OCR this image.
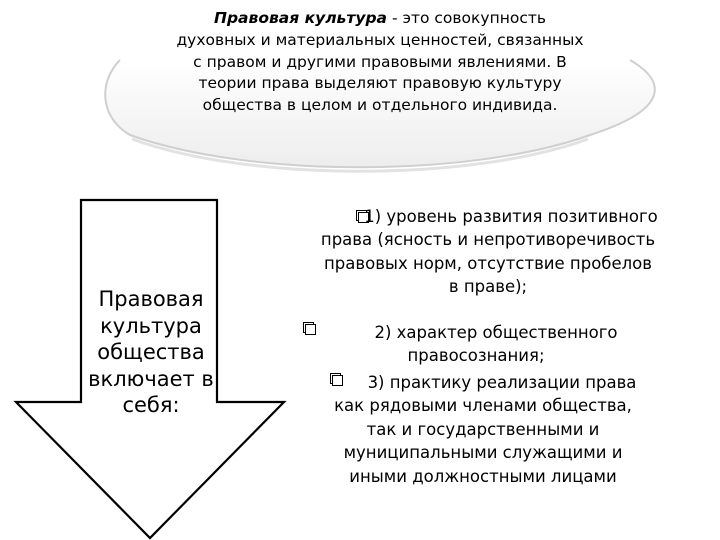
Правовая культура - это совокупность духовных и материальных ценностей, связанных с правом и другими правовыми явлениями. В теории права выделяют правовую культуру общества в целом и отдельного индивида.
Правовая культура общества включает в себя:
1) уровень развития позитивного права (ясность и непротиворечивость правовых норм, отсутствие пробелов в праве);
2) характер общественного правосознания;
3) практику реализации права как рядовыми членами общества, так и государственными и муниципальными служащими и иными должностными лицами
